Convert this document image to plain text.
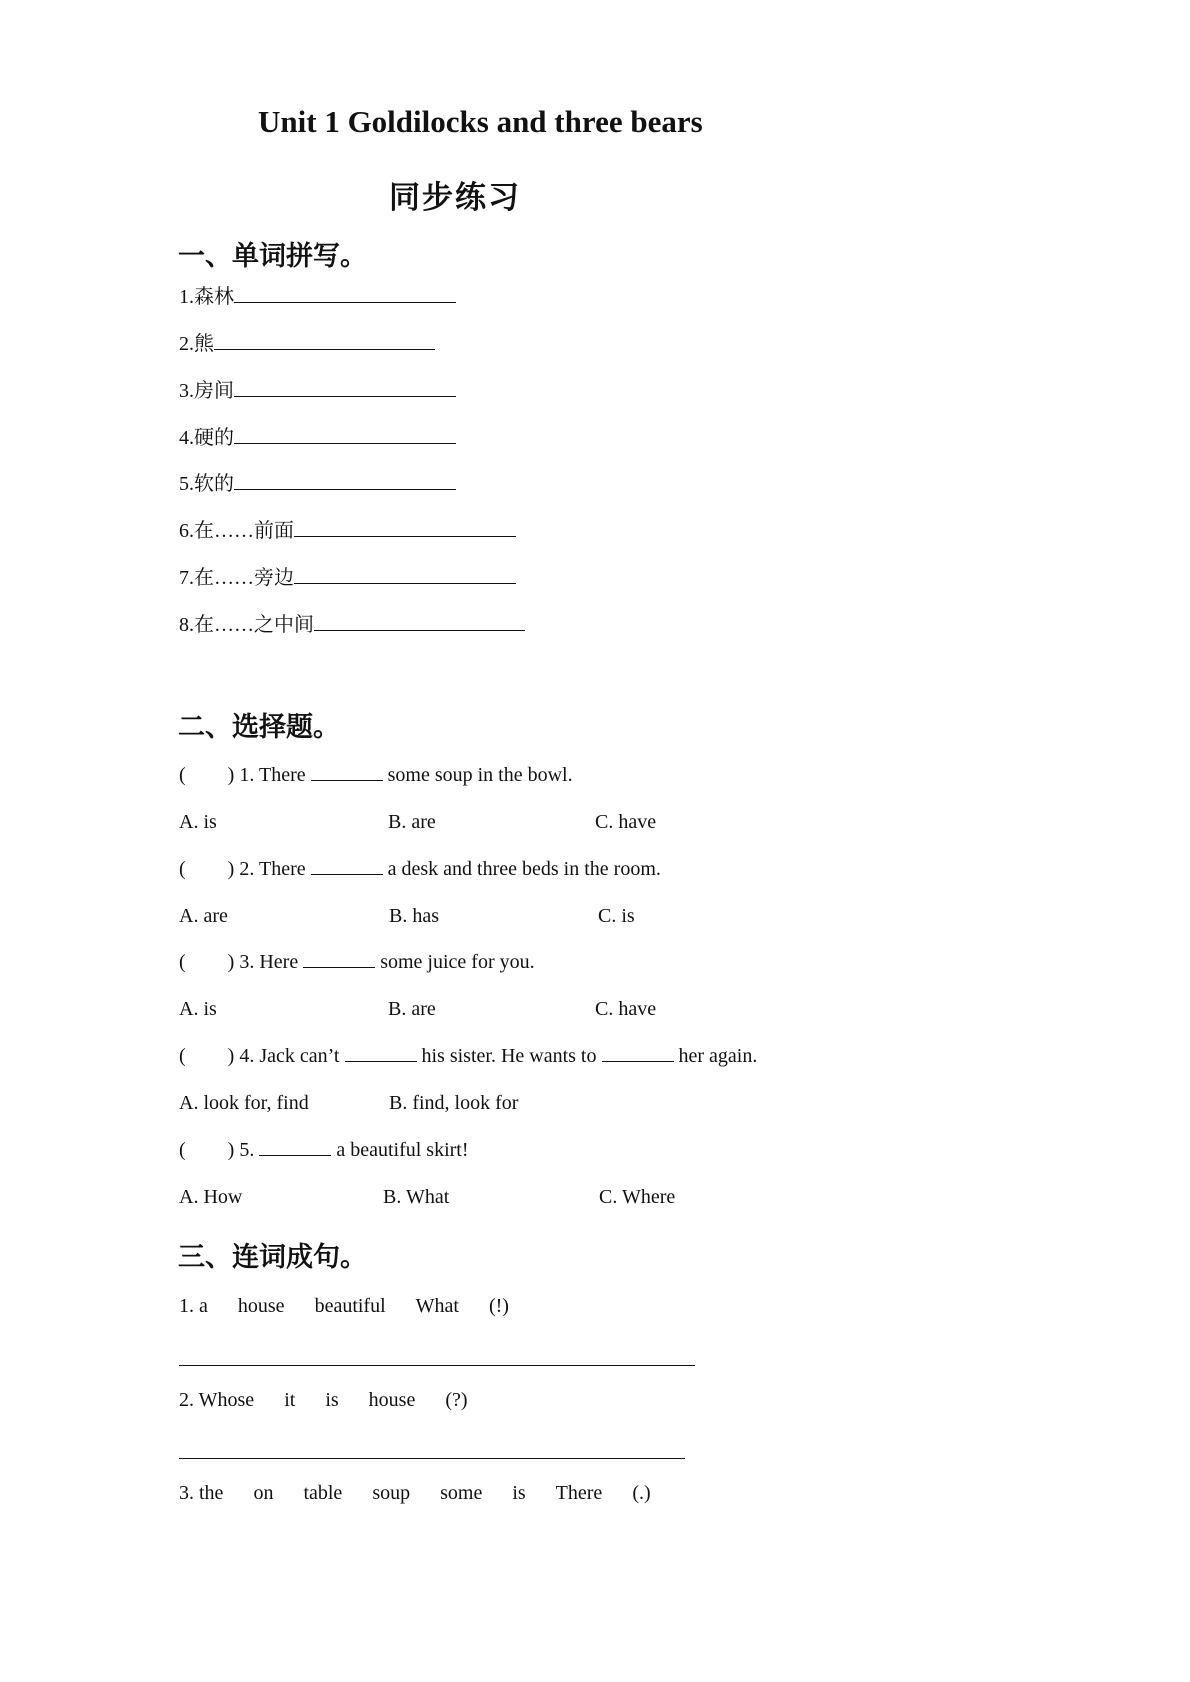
Unit 1 Goldilocks and three bears
同步练习
一、单词拼写。
1.森林
2.熊
3.房间
4.硬的
5.软的
6.在……前面
7.在……旁边
8.在……之中间
二、选择题。
( ) 1. There	some soup in the bowl.
A. is	B. are	C. have
( ) 2. There	a desk and three beds in the room.
A. are	B. has	C. is
( ) 3. Here	some juice for you.
A. is	B. are	C. have
( ) 4. Jack can’t	his sister. He wants to	her again.
A. look for, find	B. find, look for
( ) 5.	a beautiful skirt!
A. How	B. What	C. Where
三、连词成句。
1. a house beautiful What (!)
2. Whose it is house (?)
3. the on table soup some is There (.)
